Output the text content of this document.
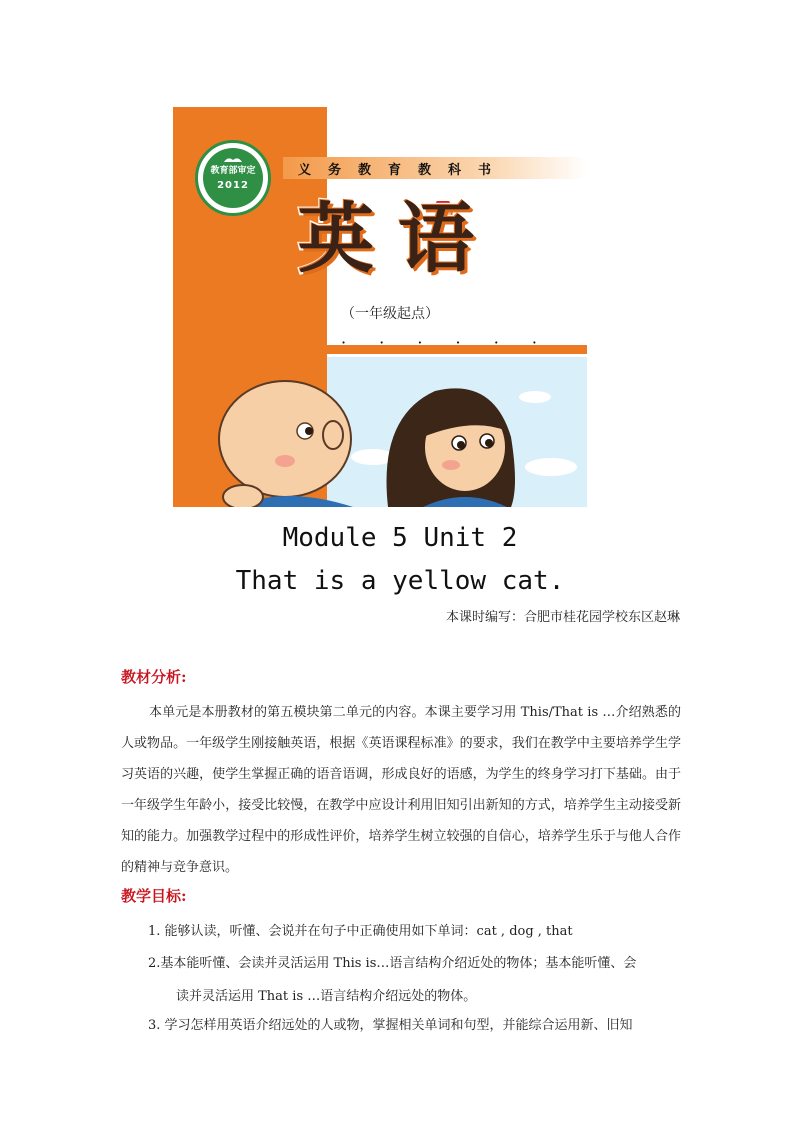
教育部审定
2012
义务教育教科书
英语
（一年级起点）
· · · · · ·
Module 5 Unit 2
That is a yellow cat.
本课时编写：合肥市桂花园学校东区赵琳
教材分析:
本单元是本册教材的第五模块第二单元的内容。本课主要学习用 This/That is …介绍熟悉的人或物品。一年级学生刚接触英语，根据《英语课程标准》的要求，我们在教学中主要培养学生学习英语的兴趣，使学生掌握正确的语音语调，形成良好的语感，为学生的终身学习打下基础。由于一年级学生年龄小，接受比较慢，在教学中应设计利用旧知引出新知的方式，培养学生主动接受新知的能力。加强教学过程中的形成性评价，培养学生树立较强的自信心，培养学生乐于与他人合作的精神与竞争意识。
教学目标:
1. 能够认读，听懂、会说并在句子中正确使用如下单词：cat , dog , that
2.基本能听懂、会读并灵活运用 This is…语言结构介绍近处的物体；基本能听懂、会
读并灵活运用 That is …语言结构介绍远处的物体。
3. 学习怎样用英语介绍远处的人或物，掌握相关单词和句型，并能综合运用新、旧知
